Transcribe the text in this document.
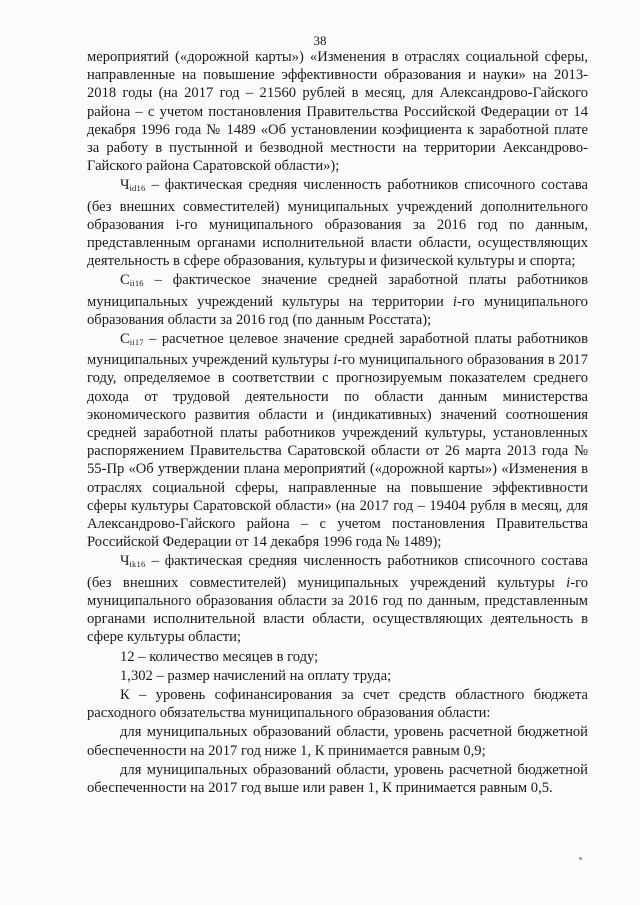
38

мероприятий («дорожной карты») «Изменения в отраслях социальной сферы, направленные на повышение эффективности образования и науки» на 2013-2018 годы (на 2017 год – 21560 рублей в месяц, для Александрово-Гайского района – с учетом постановления Правительства Российской Федерации от 14 декабря 1996 года № 1489 «Об установлении коэфициента к заработной плате за работу в пустынной и безводной местности на территории Аександрово-Гайского района Саратовской области»);

$Ч_{id16}$ – фактическая средняя численность работников списочного состава (без внешних совместителей) муниципальных учреждений дополнительного образования i-го муниципального образования за 2016 год по данным, представленным органами исполнительной власти области, осуществляющих деятельность в сфере образования, культуры и физической культуры и спорта;

$С_{ii16}$ – фактическое значение средней заработной платы работников муниципальных учреждений культуры на территории i-го муниципального образования области за 2016 год (по данным Росстата);

$С_{ii17}$ – расчетное целевое значение средней заработной платы работников муниципальных учреждений культуры i-го муниципального образования в 2017 году, определяемое в соответствии с прогнозируемым показателем среднего дохода от трудовой деятельности по области данным министерства экономического развития области и (индикативных) значений соотношения средней заработной платы работников учреждений культуры, установленных распоряжением Правительства Саратовской области от 26 марта 2013 года № 55-Пр «Об утверждении плана мероприятий («дорожной карты») «Изменения в отраслях социальной сферы, направленные на повышение эффективности сферы культуры Саратовской области» (на 2017 год – 19404 рубля в месяц, для Александрово-Гайского района – с учетом постановления Правительства Российской Федерации от 14 декабря 1996 года № 1489);

$Ч_{ik16}$ – фактическая средняя численность работников списочного состава (без внешних совместителей) муниципальных учреждений культуры i-го муниципального образования области за 2016 год по данным, представленным органами исполнительной власти области, осуществляющих деятельность в сфере культуры области;

12 – количество месяцев в году;

1,302 – размер начислений на оплату труда;

К – уровень софинансирования за счет средств областного бюджета расходного обязательства муниципального образования области:

для муниципальных образований области, уровень расчетной бюджетной обеспеченности на 2017 год ниже 1, К принимается равным 0,9;

для муниципальных образований области, уровень расчетной бюджетной обеспеченности на 2017 год выше или равен 1, К принимается равным 0,5.
